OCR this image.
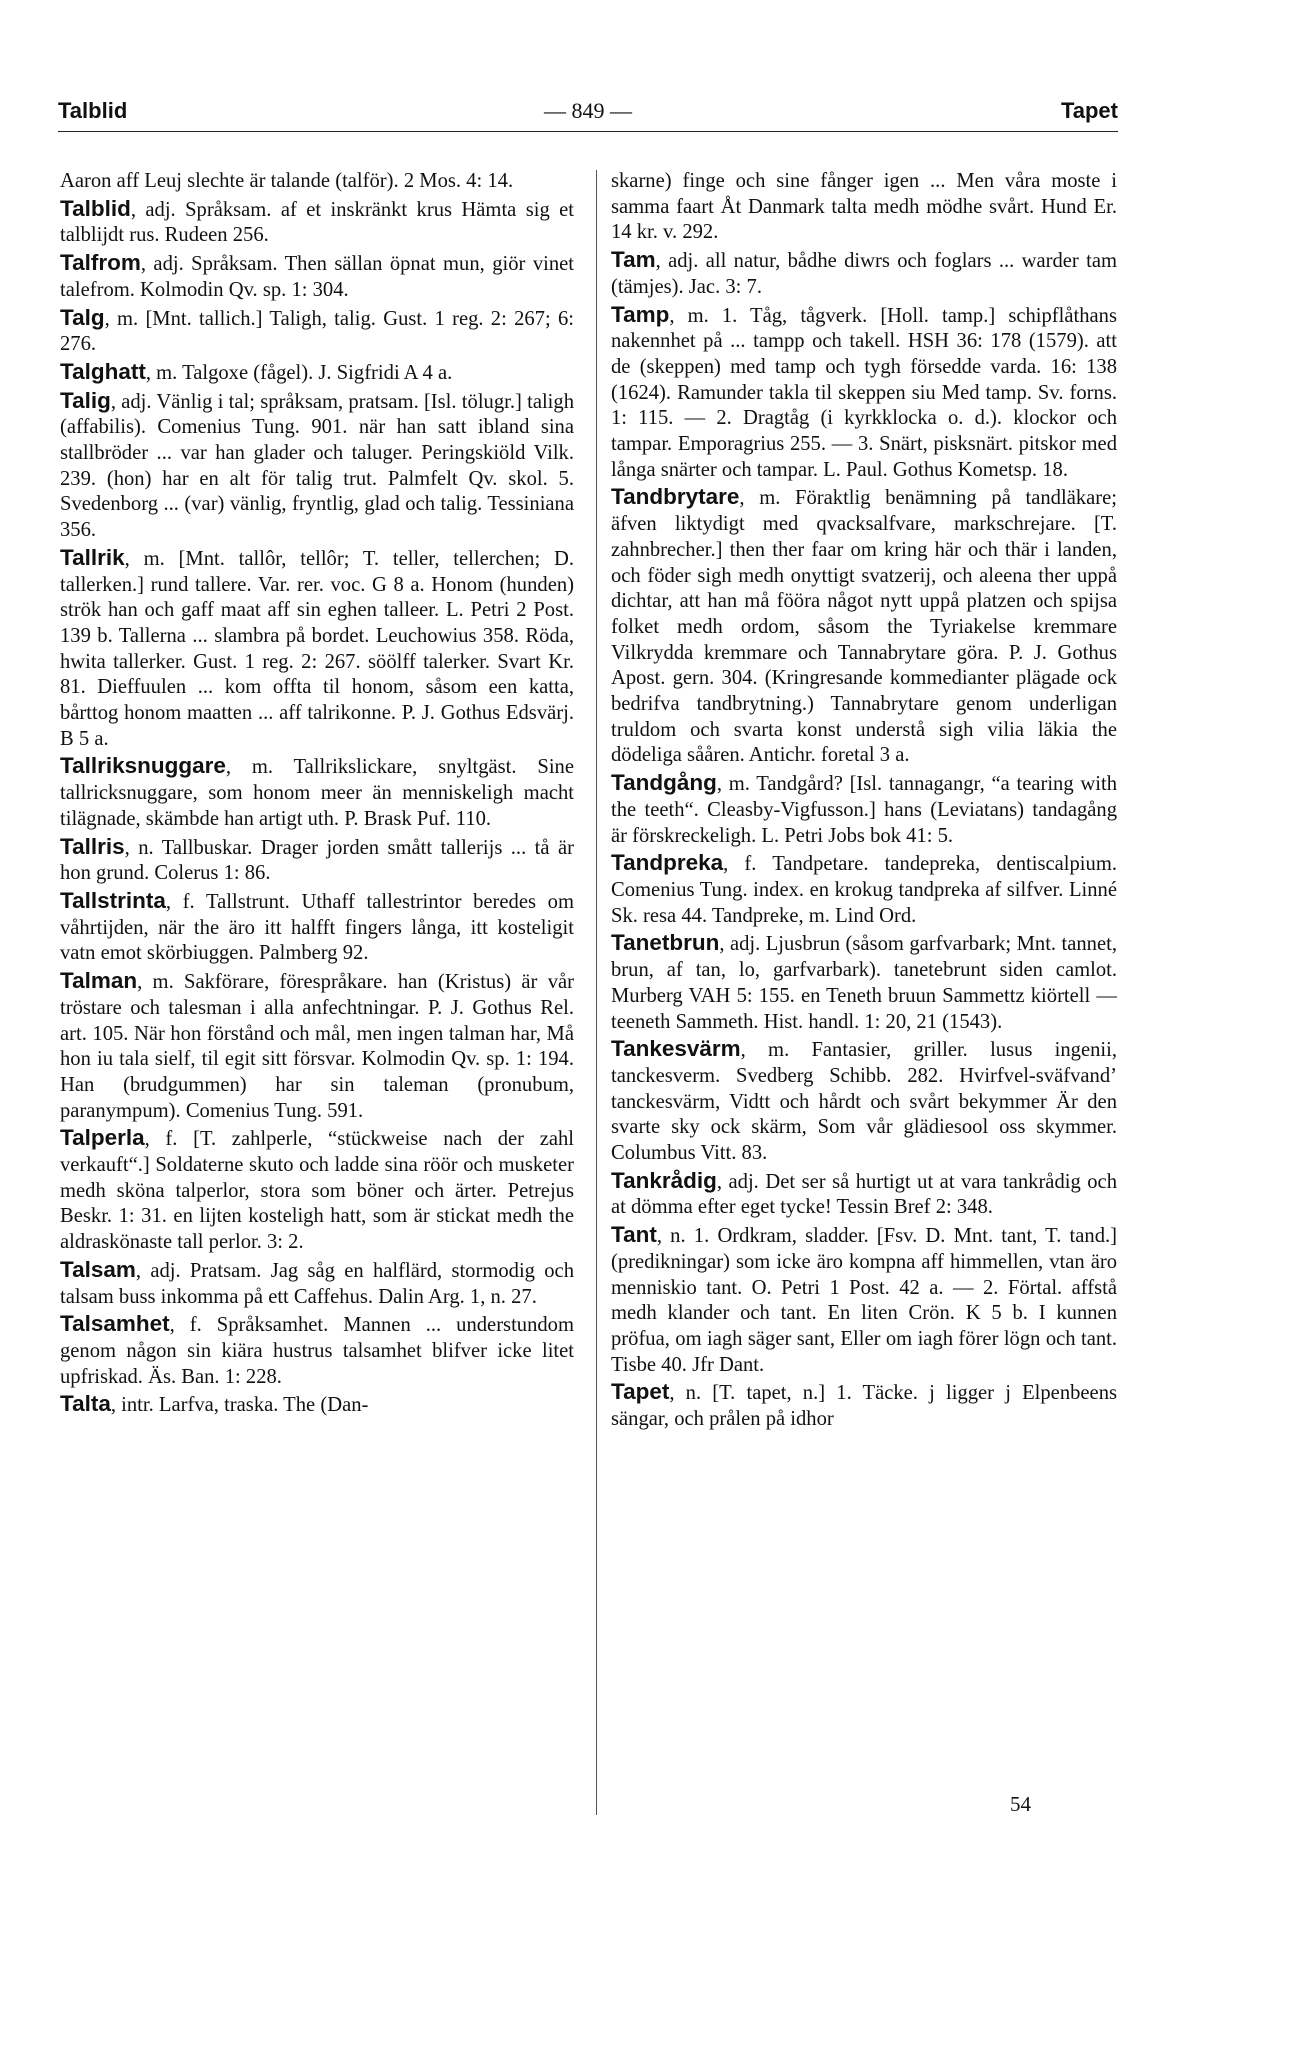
Talblid	— 849 —	Tapet

Aaron aff Leuj slechte är talande (talför). 2 Mos. 4: 14.

Talblid, adj. Språksam. af et inskränkt krus Hämta sig et talblijdt rus. Rudeen 256.

Talfrom, adj. Språksam. Then sällan öpnat mun, giör vinet talefrom. Kolmodin Qv. sp. 1: 304.

Talg, m. [Mnt. tallich.] Taligh, talig. Gust. 1 reg. 2: 267; 6: 276.

Talghatt, m. Talgoxe (fågel). J. Sigfridi A 4 a.

Talig, adj. Vänlig i tal; språksam, pratsam. [Isl. tölugr.] taligh (affabilis). Comenius Tung. 901. när han satt ibland sina stallbröder ... var han glader och taluger. Peringskiöld Vilk. 239. (hon) har en alt för talig trut. Palmfelt Qv. skol. 5. Svedenborg ... (var) vänlig, fryntlig, glad och talig. Tessiniana 356.

Tallrik, m. [Mnt. tallôr, tellôr; T. teller, tellerchen; D. tallerken.] rund tallere. Var. rer. voc. G 8 a. Honom (hunden) strök han och gaff maat aff sin eghen talleer. L. Petri 2 Post. 139 b. Tallerna ... slambra på bordet. Leuchowius 358. Röda, hwita tallerker. Gust. 1 reg. 2: 267. söölff talerker. Svart Kr. 81. Dieffuulen ... kom offta til honom, såsom een katta, bårttog honom maatten ... aff talrikonne. P. J. Gothus Edsvärj. B 5 a.

Tallriksnuggare, m. Tallrikslickare, snyltgäst. Sine tallricksnuggare, som honom meer än menniskeligh macht tilägnade, skämbde han artigt uth. P. Brask Puf. 110.

Tallris, n. Tallbuskar. Drager jorden smått tallerijs ... tå är hon grund. Colerus 1: 86.

Tallstrinta, f. Tallstrunt. Uthaff tallestrintor beredes om våhrtijden, när the äro itt halfft fingers långa, itt kosteligit vatn emot skörbiuggen. Palmberg 92.

Talman, m. Sakförare, förespråkare. han (Kristus) är vår tröstare och talesman i alla anfechtningar. P. J. Gothus Rel. art. 105. När hon förstånd och mål, men ingen talman har, Må hon iu tala sielf, til egit sitt försvar. Kolmodin Qv. sp. 1: 194. Han (brudgummen) har sin taleman (pronubum, paranympum). Comenius Tung. 591.

Talperla, f. [T. zahlperle, “stückweise nach der zahl verkauft“.] Soldaterne skuto och ladde sina röör och musketer medh sköna talperlor, stora som böner och ärter. Petrejus Beskr. 1: 31. en lijten kosteligh hatt, som är stickat medh the aldraskönaste tall perlor. 3: 2.

Talsam, adj. Pratsam. Jag såg en halflärd, stormodig och talsam buss inkomma på ett Caffehus. Dalin Arg. 1, n. 27.

Talsamhet, f. Språksamhet. Mannen ... understundom genom någon sin kiära hustrus talsamhet blifver icke litet upfriskad. Äs. Ban. 1: 228.

Talta, intr. Larfva, traska. The (Dan-

skarne) finge och sine fånger igen ... Men våra moste i samma faart Åt Danmark talta medh mödhe svårt. Hund Er. 14 kr. v. 292.

Tam, adj. all natur, bådhe diwrs och foglars ... warder tam (tämjes). Jac. 3: 7.

Tamp, m. 1. Tåg, tågverk. [Holl. tamp.] schipflåthans nakennhet på ... tampp och takell. HSH 36: 178 (1579). att de (skeppen) med tamp och tygh försedde varda. 16: 138 (1624). Ramunder takla til skeppen siu Med tamp. Sv. forns. 1: 115. — 2. Dragtåg (i kyrkklocka o. d.). klockor och tampar. Emporagrius 255. — 3. Snärt, pisksnärt. pitskor med långa snärter och tampar. L. Paul. Gothus Kometsp. 18.

Tandbrytare, m. Föraktlig benämning på tandläkare; äfven liktydigt med qvacksalfvare, markschrejare. [T. zahnbrecher.] then ther faar om kring här och thär i landen, och föder sigh medh onyttigt svatzerij, och aleena ther uppå dichtar, att han må fööra något nytt uppå platzen och spijsa folket medh ordom, såsom the Tyriakelse kremmare Vilkrydda kremmare och Tannabrytare göra. P. J. Gothus Apost. gern. 304. (Kringresande kommedianter plägade ock bedrifva tandbrytning.) Tannabrytare genom underligan truldom och svarta konst understå sigh vilia läkia the dödeliga sååren. Antichr. foretal 3 a.

Tandgång, m. Tandgård? [Isl. tannagangr, “a tearing with the teeth“. Cleasby-Vigfusson.] hans (Leviatans) tandagång är förskreckeligh. L. Petri Jobs bok 41: 5.

Tandpreka, f. Tandpetare. tandepreka, dentiscalpium. Comenius Tung. index. en krokug tandpreka af silfver. Linné Sk. resa 44. Tandpreke, m. Lind Ord.

Tanetbrun, adj. Ljusbrun (såsom garfvarbark; Mnt. tannet, brun, af tan, lo, garfvarbark). tanetebrunt siden camlot. Murberg VAH 5: 155. en Teneth bruun Sammettz kiörtell — teeneth Sammeth. Hist. handl. 1: 20, 21 (1543).

Tankesvärm, m. Fantasier, griller. lusus ingenii, tanckesverm. Svedberg Schibb. 282. Hvirfvel-sväfvand’ tanckesvärm, Vidtt och hårdt och svårt bekymmer Är den svarte sky ock skärm, Som vår glädiesool oss skymmer. Columbus Vitt. 83.

Tankrådig, adj. Det ser så hurtigt ut at vara tankrådig och at dömma efter eget tycke! Tessin Bref 2: 348.

Tant, n. 1. Ordkram, sladder. [Fsv. D. Mnt. tant, T. tand.] (predikningar) som icke äro kompna aff himmellen, vtan äro menniskio tant. O. Petri 1 Post. 42 a. — 2. Förtal. affstå medh klander och tant. En liten Crön. K 5 b. I kunnen pröfua, om iagh säger sant, Eller om iagh förer lögn och tant. Tisbe 40. Jfr Dant.

Tapet, n. [T. tapet, n.] 1. Täcke. j ligger j Elpenbeens sängar, och prålen på idhor

54
